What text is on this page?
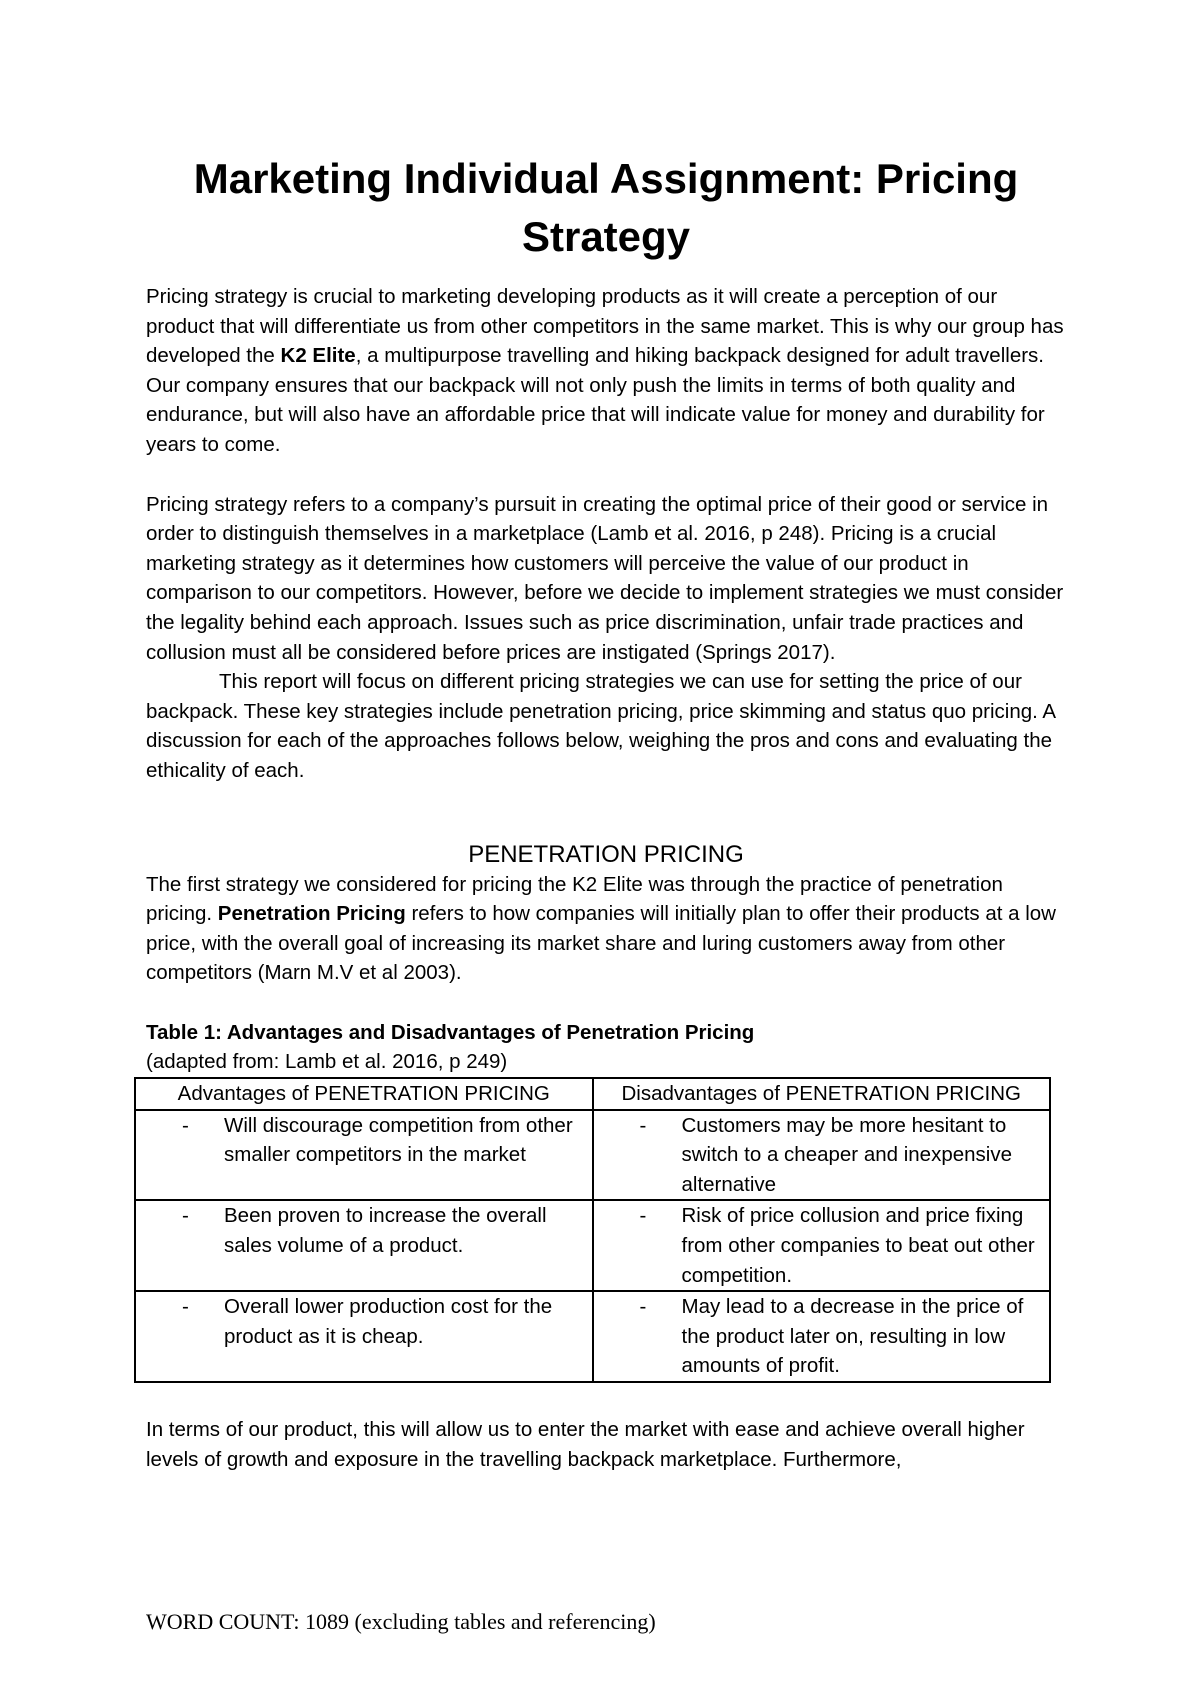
Marketing Individual Assignment: Pricing Strategy

Pricing strategy is crucial to marketing developing products as it will create a perception of our product that will differentiate us from other competitors in the same market. This is why our group has developed the K2 Elite, a multipurpose travelling and hiking backpack designed for adult travellers. Our company ensures that our backpack will not only push the limits in terms of both quality and endurance, but will also have an affordable price that will indicate value for money and durability for years to come.

Pricing strategy refers to a company’s pursuit in creating the optimal price of their good or service in order to distinguish themselves in a marketplace (Lamb et al. 2016, p 248). Pricing is a crucial marketing strategy as it determines how customers will perceive the value of our product in comparison to our competitors. However, before we decide to implement strategies we must consider the legality behind each approach. Issues such as price discrimination, unfair trade practices and collusion must all be considered before prices are instigated (Springs 2017).

This report will focus on different pricing strategies we can use for setting the price of our backpack. These key strategies include penetration pricing, price skimming and status quo pricing. A discussion for each of the approaches follows below, weighing the pros and cons and evaluating the ethicality of each.

PENETRATION PRICING

The first strategy we considered for pricing the K2 Elite was through the practice of penetration pricing. Penetration Pricing refers to how companies will initially plan to offer their products at a low price, with the overall goal of increasing its market share and luring customers away from other competitors (Marn M.V et al 2003).

Table 1: Advantages and Disadvantages of Penetration Pricing

(adapted from: Lamb et al. 2016, p 249)

Advantages of PENETRATION PRICING	Disadvantages of PENETRATION PRICING

- Will discourage competition from other smaller competitors in the market	- Customers may be more hesitant to switch to a cheaper and inexpensive alternative

- Been proven to increase the overall sales volume of a product.	- Risk of price collusion and price fixing from other companies to beat out other competition.

- Overall lower production cost for the product as it is cheap.	- May lead to a decrease in the price of the product later on, resulting in low amounts of profit.

In terms of our product, this will allow us to enter the market with ease and achieve overall higher levels of growth and exposure in the travelling backpack marketplace. Furthermore,

WORD COUNT: 1089 (excluding tables and referencing)
